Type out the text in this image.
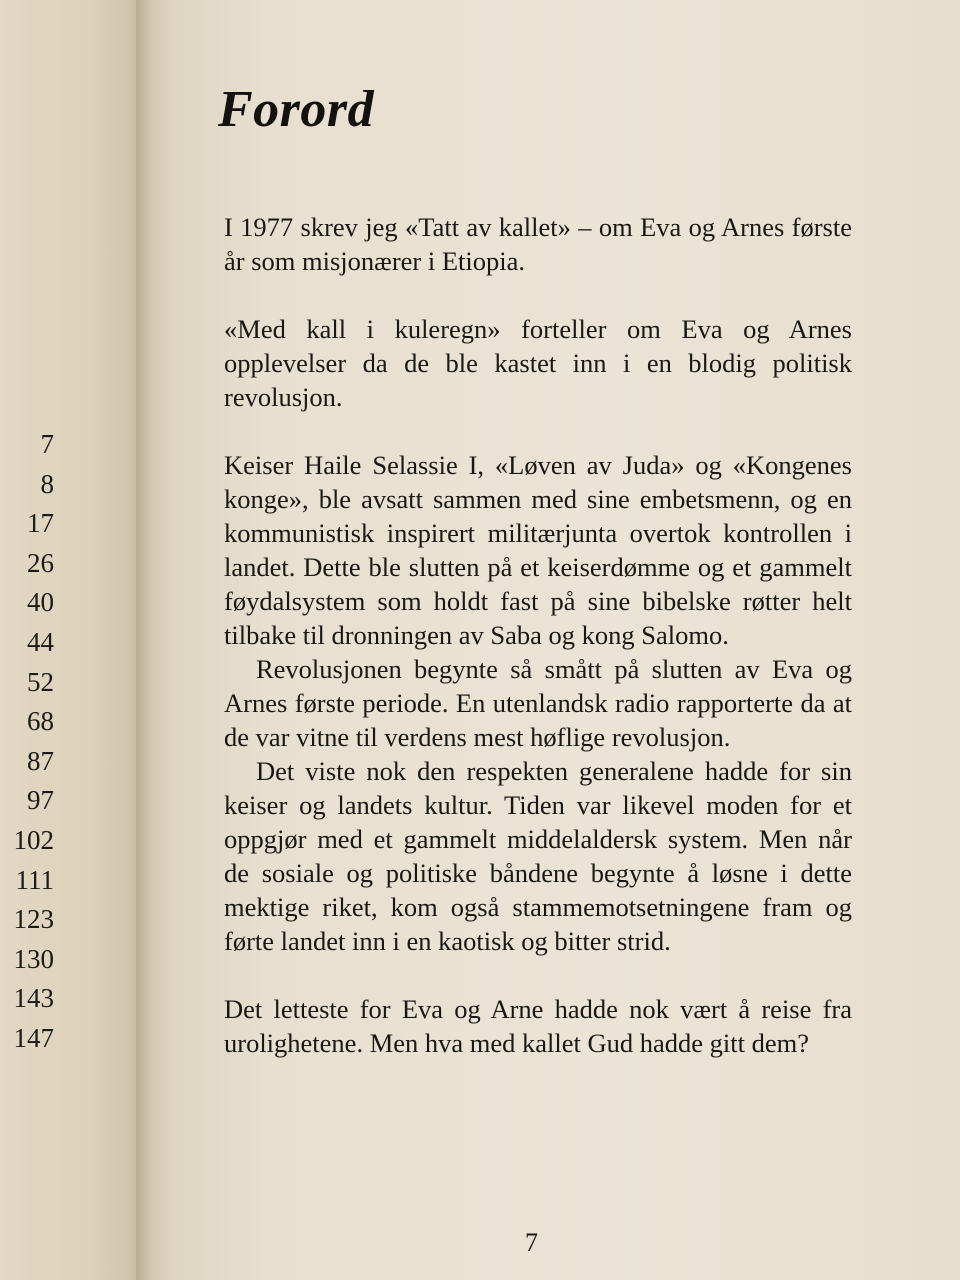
7
8
17
26
40
44
52
68
87
97
102
111
123
130
143
147
Forord

I 1977 skrev jeg «Tatt av kallet» – om Eva og Arnes første år som misjonærer i Etiopia.

«Med kall i kuleregn» forteller om Eva og Arnes opplevelser da de ble kastet inn i en blodig politisk revolusjon.

Keiser Haile Selassie I, «Løven av Juda» og «Kongenes konge», ble avsatt sammen med sine embetsmenn, og en kommunistisk inspirert militærjunta overtok kontrollen i landet. Dette ble slutten på et keiserdømme og et gammelt føydalsystem som holdt fast på sine bibelske røtter helt tilbake til dronningen av Saba og kong Salomo.

Revolusjonen begynte så smått på slutten av Eva og Arnes første periode. En utenlandsk radio rapporterte da at de var vitne til verdens mest høflige revolusjon.

Det viste nok den respekten generalene hadde for sin keiser og landets kultur. Tiden var likevel moden for et oppgjør med et gammelt middelaldersk system. Men når de sosiale og politiske båndene begynte å løsne i dette mektige riket, kom også stammemotsetningene fram og førte landet inn i en kaotisk og bitter strid.

Det letteste for Eva og Arne hadde nok vært å reise fra urolighetene. Men hva med kallet Gud hadde gitt dem?

7
